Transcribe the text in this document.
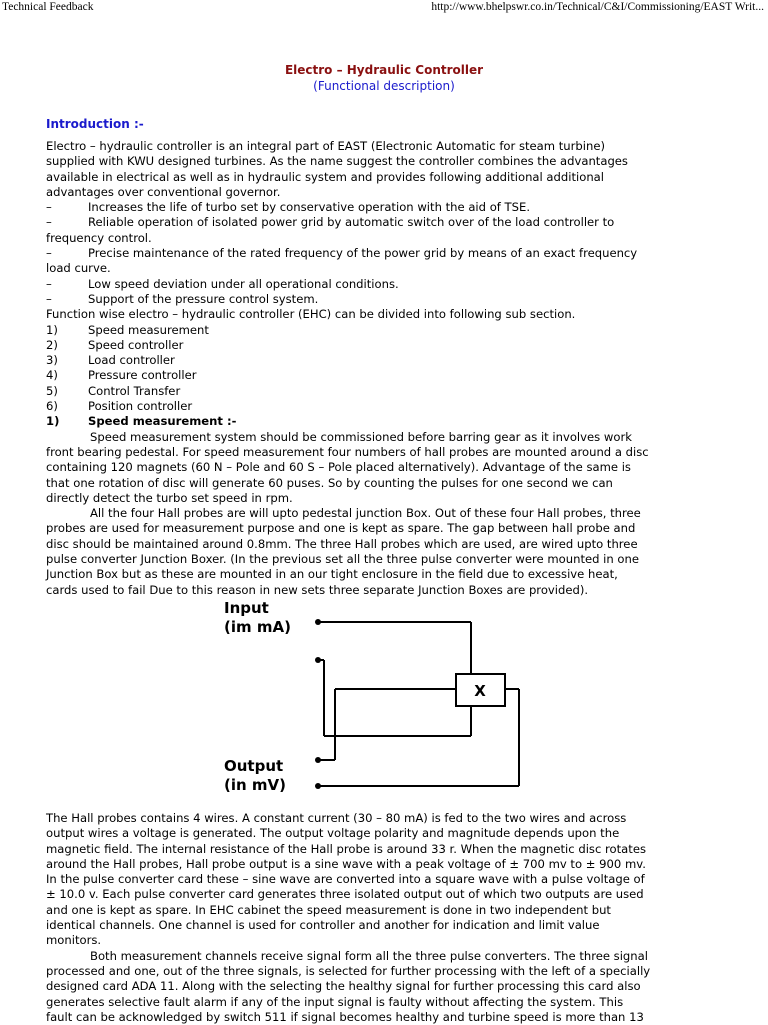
Technical Feedback	http://www.bhelpswr.co.in/Technical/C&I/Commissioning/EAST Writ...
Electro – Hydraulic Controller
(Functional description)
Introduction :-

Electro – hydraulic controller is an integral part of EAST (Electronic Automatic for steam turbine)

supplied with KWU designed turbines. As the name suggest the controller combines the advantages

available in electrical as well as in hydraulic system and provides following additional additional

advantages over conventional governor.

–	Increases the life of turbo set by conservative operation with the aid of TSE.

–	Reliable operation of isolated power grid by automatic switch over of the load controller to

frequency control.

–	Precise maintenance of the rated frequency of the power grid by means of an exact frequency

load curve.

–	Low speed deviation under all operational conditions.

–	Support of the pressure control system.

Function wise electro – hydraulic controller (EHC) can be divided into following sub section.

1)	Speed measurement

2)	Speed controller

3)	Load controller

4)	Pressure controller

5)	Control Transfer

6)	Position controller

1) Speed measurement :-

Speed measurement system should be commissioned before barring gear as it involves work

front bearing pedestal. For speed measurement four numbers of hall probes are mounted around a disc

containing 120 magnets (60 N – Pole and 60 S – Pole placed alternatively). Advantage of the same is

that one rotation of disc will generate 60 puses. So by counting the pulses for one second we can

directly detect the turbo set speed in rpm.

All the four Hall probes are will upto pedestal junction Box. Out of these four Hall probes, three

probes are used for measurement purpose and one is kept as spare. The gap between hall probe and

disc should be maintained around 0.8mm. The three Hall probes which are used, are wired upto three

pulse converter Junction Boxer. (In the previous set all the three pulse converter were mounted in one

Junction Box but as these are mounted in an our tight enclosure in the field due to excessive heat,

cards used to fail Due to this reason in new sets three separate Junction Boxes are provided).

Input
(im mA)
Output
(in mV)
X

The Hall probes contains 4 wires. A constant current (30 – 80 mA) is fed to the two wires and across

output wires a voltage is generated. The output voltage polarity and magnitude depends upon the

magnetic field. The internal resistance of the Hall probe is around 33 r. When the magnetic disc rotates

around the Hall probes, Hall probe output is a sine wave with a peak voltage of ± 700 mv to ± 900 mv.

In the pulse converter card these – sine wave are converted into a square wave with a pulse voltage of

± 10.0 v. Each pulse converter card generates three isolated output out of which two outputs are used

and one is kept as spare. In EHC cabinet the speed measurement is done in two independent but

identical channels. One channel is used for controller and another for indication and limit value

monitors.

Both measurement channels receive signal form all the three pulse converters. The three signal

processed and one, out of the three signals, is selected for further processing with the left of a specially

designed card ADA 11. Along with the selecting the healthy signal for further processing this card also

generates selective fault alarm if any of the input signal is faulty without affecting the system. This

fault can be acknowledged by switch 511 if signal becomes healthy and turbine speed is more than 13
